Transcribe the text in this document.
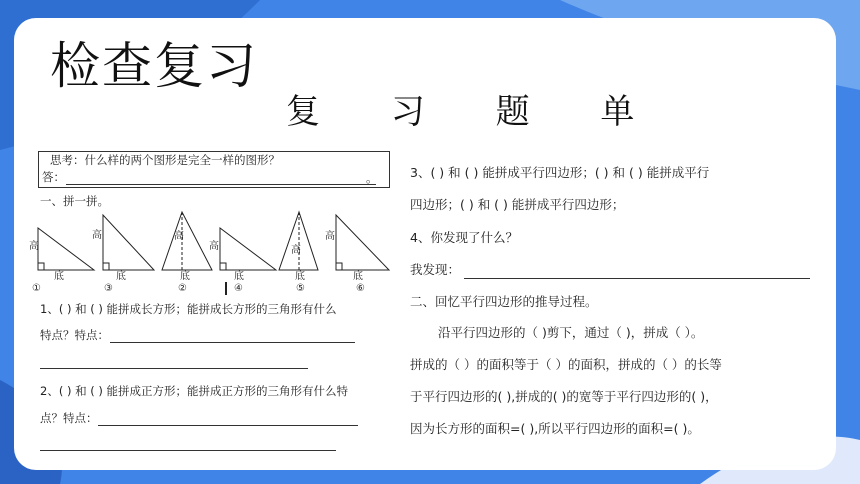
检查复习
复 习 题 单
思考：什么样的两个图形是完全一样的图形？
答：	。
一、拼一拼。
高
高	高
高	高
高
底	底	底	底	底	底
①	②
③	④	⑤	⑥
1、( ) 和 ( ) 能拼成长方形；能拼成长方形的三角形有什么
特点？特点：
2、( ) 和 ( ) 能拼成正方形；能拼成正方形的三角形有什么特
点？特点：
3、( ) 和 ( ) 能拼成平行四边形；( ) 和 ( ) 能拼成平行
四边形；( ) 和 ( ) 能拼成平行四边形；
4、你发现了什么？
我发现：
二、回忆平行四边形的推导过程。
沿平行四边形的（ )剪下，通过（ )，拼成（ ）。
拼成的（ ）的面积等于（ ）的面积，拼成的（ ）的长等
于平行四边形的( ),拼成的( )的宽等于平行四边形的( )，
因为长方形的面积=( ),所以平行四边形的面积=( )。
